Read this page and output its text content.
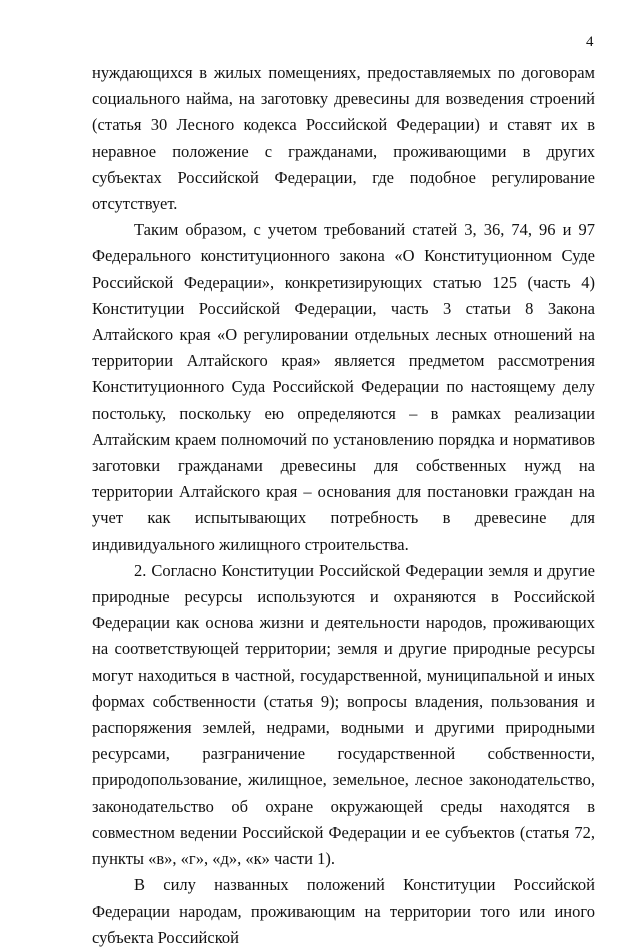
4

нуждающихся в жилых помещениях, предоставляемых по договорам социального найма, на заготовку древесины для возведения строений (статья 30 Лесного кодекса Российской Федерации) и ставят их в неравное положение с гражданами, проживающими в других субъектах Российской Федерации, где подобное регулирование отсутствует.

Таким образом, с учетом требований статей 3, 36, 74, 96 и 97 Федерального конституционного закона «О Конституционном Суде Российской Федерации», конкретизирующих статью 125 (часть 4) Конституции Российской Федерации, часть 3 статьи 8 Закона Алтайского края «О регулировании отдельных лесных отношений на территории Алтайского края» является предметом рассмотрения Конституционного Суда Российской Федерации по настоящему делу постольку, поскольку ею определяются – в рамках реализации Алтайским краем полномочий по установлению порядка и нормативов заготовки гражданами древесины для собственных нужд на территории Алтайского края – основания для постановки граждан на учет как испытывающих потребность в древесине для индивидуального жилищного строительства.

2. Согласно Конституции Российской Федерации земля и другие природные ресурсы используются и охраняются в Российской Федерации как основа жизни и деятельности народов, проживающих на соответствующей территории; земля и другие природные ресурсы могут находиться в частной, государственной, муниципальной и иных формах собственности (статья 9); вопросы владения, пользования и распоряжения землей, недрами, водными и другими природными ресурсами, разграничение государственной собственности, природопользование, жилищное, земельное, лесное законодательство, законодательство об охране окружающей среды находятся в совместном ведении Российской Федерации и ее субъектов (статья 72, пункты «в», «г», «д», «к» части 1).

В силу названных положений Конституции Российской Федерации народам, проживающим на территории того или иного субъекта Российской
